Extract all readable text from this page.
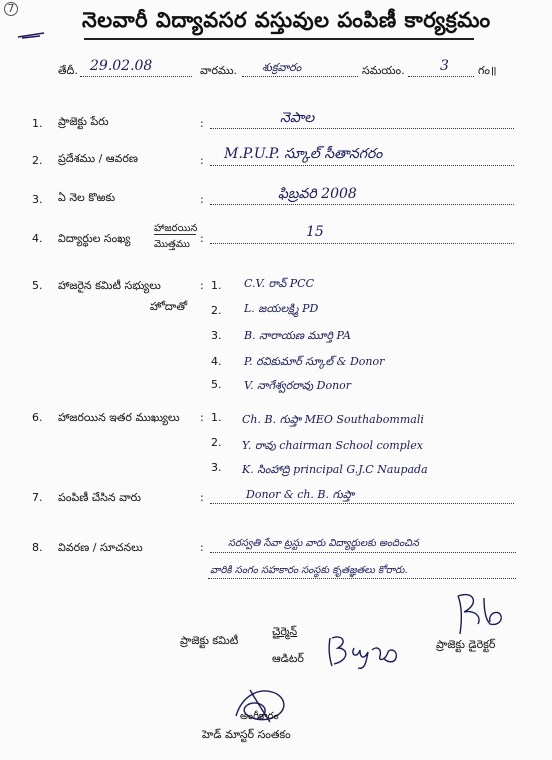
7	నెలవారీ విద్యావసర వస్తువుల పంపిణీ కార్యక్రమం
తేదీ. 29.02.08	వారము. శుక్రవారం	సమయం.	3	గం॥
1. ప్రాజెక్టు పేరు	:	నెపాల
2. ప్రదేశము / ఆవరణ	: M.P.U.P. స్కూల్ సీతానగరం
3. ఏ నెల కొఱకు	:	ఫిబ్రవరి 2008
4. విద్యార్థుల సంఖ్య
హాజరయిన
మొత్తము :	15
5. హాజరైన కమిటీ సభ్యులు	:
హోదాతో
1. C.V. రావ్ PCC
2. L. జయలక్ష్మి PD
3. B. నారాయణ మూర్తి PA
4. P. రవికుమార్ స్కూల్ & Donor
5. V. నాగేశ్వరరావు Donor
6. హాజరయిన ఇతర ముఖ్యులు : 1. Ch. B. గుప్తా MEO Southabommali
2. Y. రావు chairman School complex
3. K. సింహాద్రి principal G.J.C Naupada
7. పంపిణీ చేసిన వారు	:	Donor & ch. B. గుప్తా
8. వివరణ / సూచనలు	: సరస్వతి సేవా ట్రస్టు వారు విద్యార్థులకు అందించిన
వారికి సంగం సహకారం సంస్థకు కృతజ్ఞతలు కోరారు.
ప్రాజెక్టు కమిటీ
చైర్మెన్
ఆడిటర్
ప్రాజెక్టు డైరెక్టర్
అంగీకారం
హెడ్ మాస్టర్ సంతకం
